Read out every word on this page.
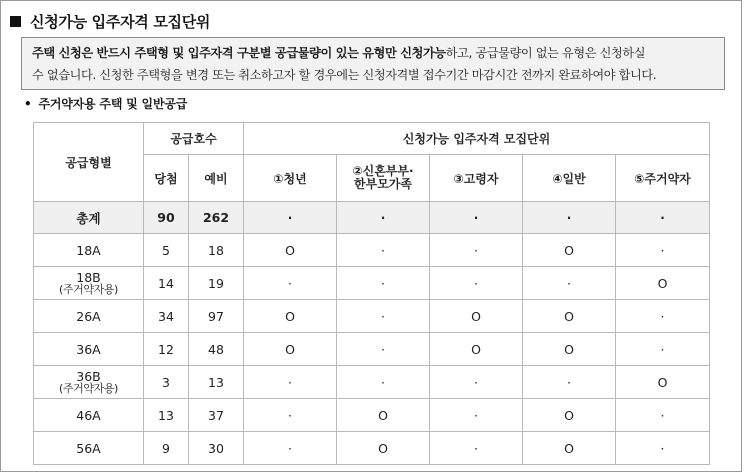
신청가능 입주자격 모집단위
주택 신청은 반드시 주택형 및 입주자격 구분별 공급물량이 있는 유형만 신청가능하고, 공급물량이 없는 유형은 신청하실
수 없습니다. 신청한 주택형을 변경 또는 취소하고자 할 경우에는 신청자격별 접수기간 마감시간 전까지 완료하여야 합니다.
• 주거약자용 주택 및 일반공급
공급형별	공급호수		신청가능 입주자격 모집단위				
	당첨	예비	①청년	②신혼부부·
한부모가족	③고령자	④일반	⑤주거약자
총계	90	262	·	·	·	·	·
18A	5	18	O	·	·	O	·

18B
(주거약자용)	14	19	·	·	·	·	O
26A	34	97	O	·	O	O	·
36A	12	48	O	·	O	O	·

36B
(주거약자용)	3	13	·	·	·	·	O
46A	13	37	·	O	·	O	·
56A	9	30	·	O	·	O	·
